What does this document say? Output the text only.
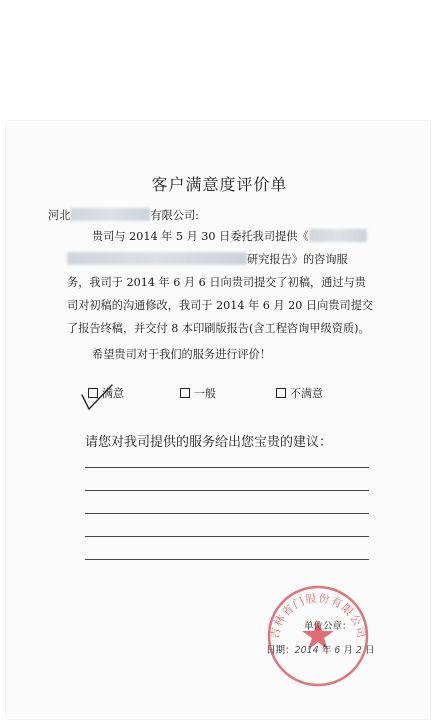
客户满意度评价单
河北	有限公司:
贵司与 2014 年 5 月 30 日委托我司提供《
研究报告》的咨询服
务，我司于 2014 年 6 月 6 日向贵司提交了初稿，通过与贵
司对初稿的沟通修改，我司于 2014 年 6 月 20 日向贵司提交
了报告终稿，并交付 8 本印刷版报告(含工程咨询甲级资质)。
希望贵司对于我们的服务进行评价！
满意	一般	不满意
请您对我司提供的服务给出您宝贵的建议：
吉林省门股份有限公司
单位公章：
日期：2014 年 6 月 2 日
